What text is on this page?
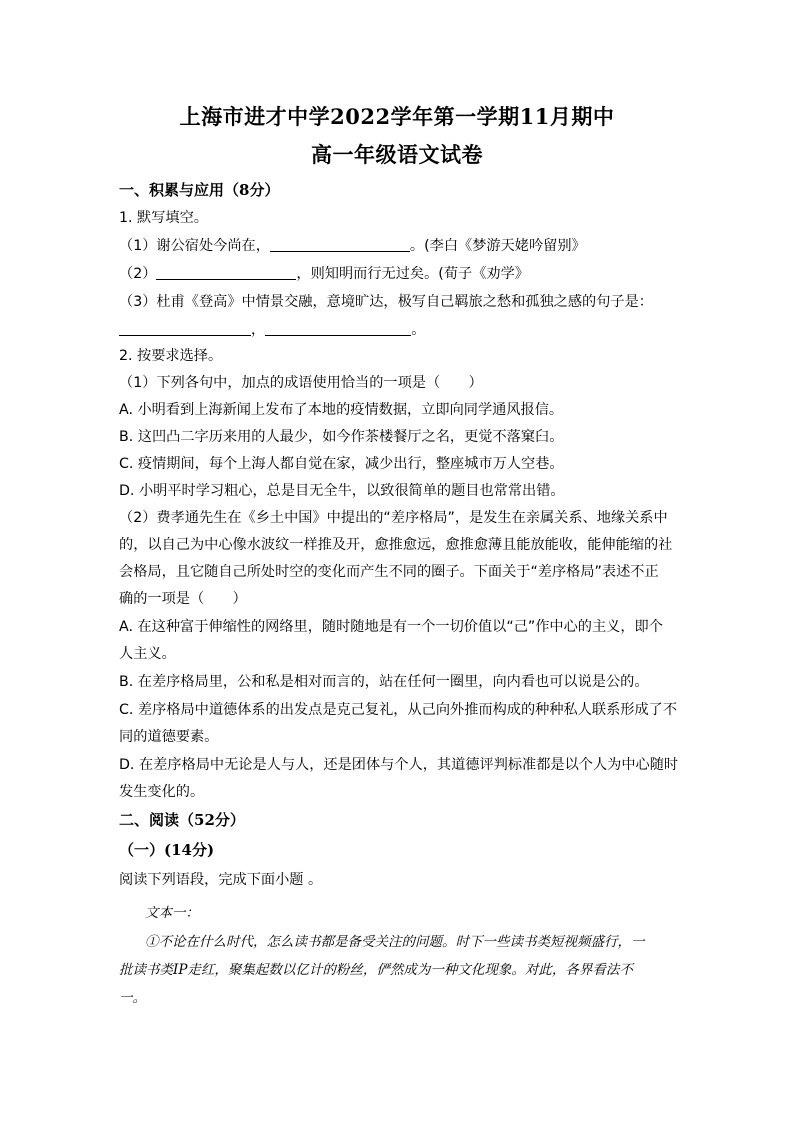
上海市进才中学2022学年第一学期11月期中
高一年级语文试卷
一、积累与应用（8分）
1. 默写填空。
（1）谢公宿处今尚在，	。(李白《梦游天姥吟留别》
（2）	，则知明而行无过矣。(荀子《劝学》
（3）杜甫《登高》中情景交融，意境旷达，极写自己羁旅之愁和孤独之感的句子是：
，	。
2. 按要求选择。
（1）下列各句中，加点的成语使用恰当的一项是（　　）
A. 小明看到上海新闻上发布了本地的疫情数据，立即向同学通风报信。
B. 这凹凸二字历来用的人最少，如今作茶楼餐厅之名，更觉不落窠臼。
C. 疫情期间，每个上海人都自觉在家，减少出行，整座城市万人空巷。
D. 小明平时学习粗心，总是目无全牛，以致很简单的题目也常常出错。
（2）费孝通先生在《乡土中国》中提出的“差序格局”，是发生在亲属关系、地缘关系中
的，以自己为中心像水波纹一样推及开，愈推愈远，愈推愈薄且能放能收，能伸能缩的社
会格局，且它随自己所处时空的变化而产生不同的圈子。下面关于“差序格局”表述不正
确的一项是（　　）
A. 在这种富于伸缩性的网络里，随时随地是有一个一切价值以“己”作中心的主义，即个
人主义。
B. 在差序格局里，公和私是相对而言的，站在任何一圈里，向内看也可以说是公的。
C. 差序格局中道德体系的出发点是克己复礼，从己向外推而构成的种种私人联系形成了不
同的道德要素。
D. 在差序格局中无论是人与人，还是团体与个人，其道德评判标准都是以个人为中心随时
发生变化的。
二、阅读（52分）
（一）(14分)
阅读下列语段，完成下面小题 。
文本一：
①不论在什么时代，怎么读书都是备受关注的问题。时下一些读书类短视频盛行，一
批读书类IP走红，聚集起数以亿计的粉丝，俨然成为一种文化现象。对此，各界看法不
一。
